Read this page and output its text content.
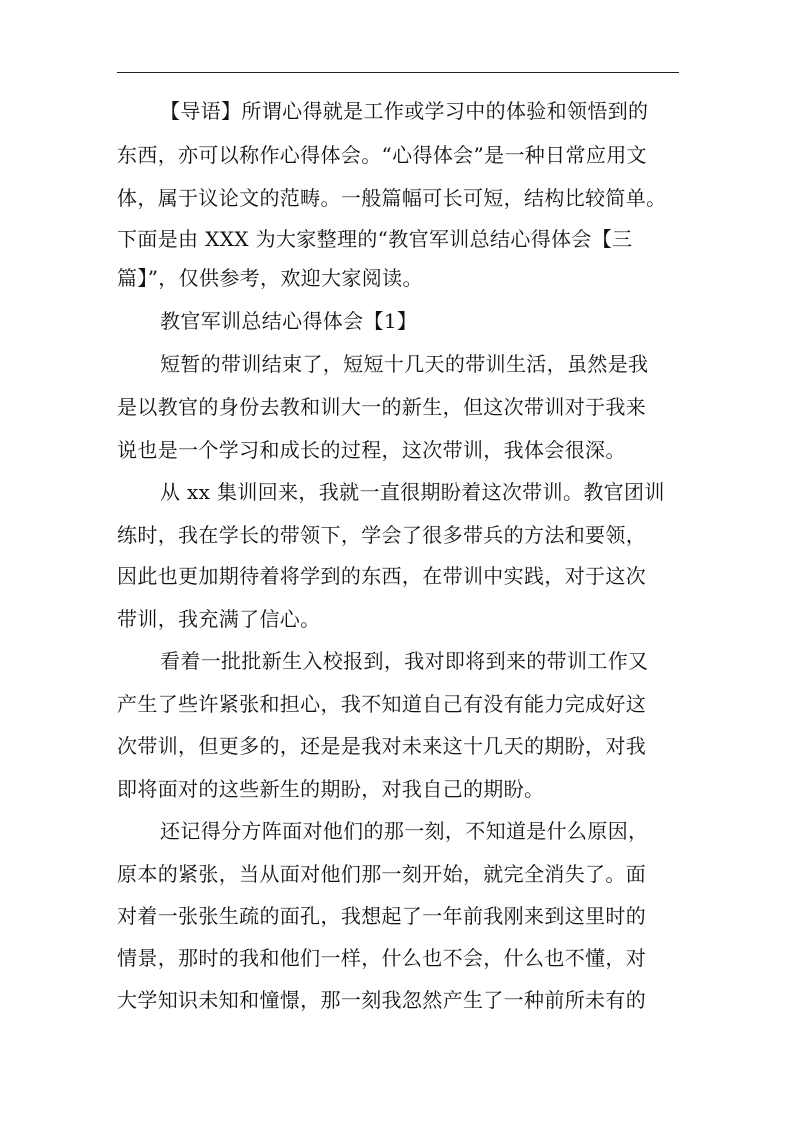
【导语】所谓心得就是工作或学习中的体验和领悟到的
东西，亦可以称作心得体会。“心得体会”是一种日常应用文
体，属于议论文的范畴。一般篇幅可长可短，结构比较简单。
下面是由 XXX 为大家整理的“教官军训总结心得体会【三
篇】”，仅供参考，欢迎大家阅读。
教官军训总结心得体会【1】
短暂的带训结束了，短短十几天的带训生活，虽然是我
是以教官的身份去教和训大一的新生，但这次带训对于我来
说也是一个学习和成长的过程，这次带训，我体会很深。
从 xx 集训回来，我就一直很期盼着这次带训。教官团训
练时，我在学长的带领下，学会了很多带兵的方法和要领，
因此也更加期待着将学到的东西，在带训中实践，对于这次
带训，我充满了信心。
看着一批批新生入校报到，我对即将到来的带训工作又
产生了些许紧张和担心，我不知道自己有没有能力完成好这
次带训，但更多的，还是是我对未来这十几天的期盼，对我
即将面对的这些新生的期盼，对我自己的期盼。
还记得分方阵面对他们的那一刻，不知道是什么原因，
原本的紧张，当从面对他们那一刻开始，就完全消失了。面
对着一张张生疏的面孔，我想起了一年前我刚来到这里时的
情景，那时的我和他们一样，什么也不会，什么也不懂，对
大学知识未知和憧憬，那一刻我忽然产生了一种前所未有的
